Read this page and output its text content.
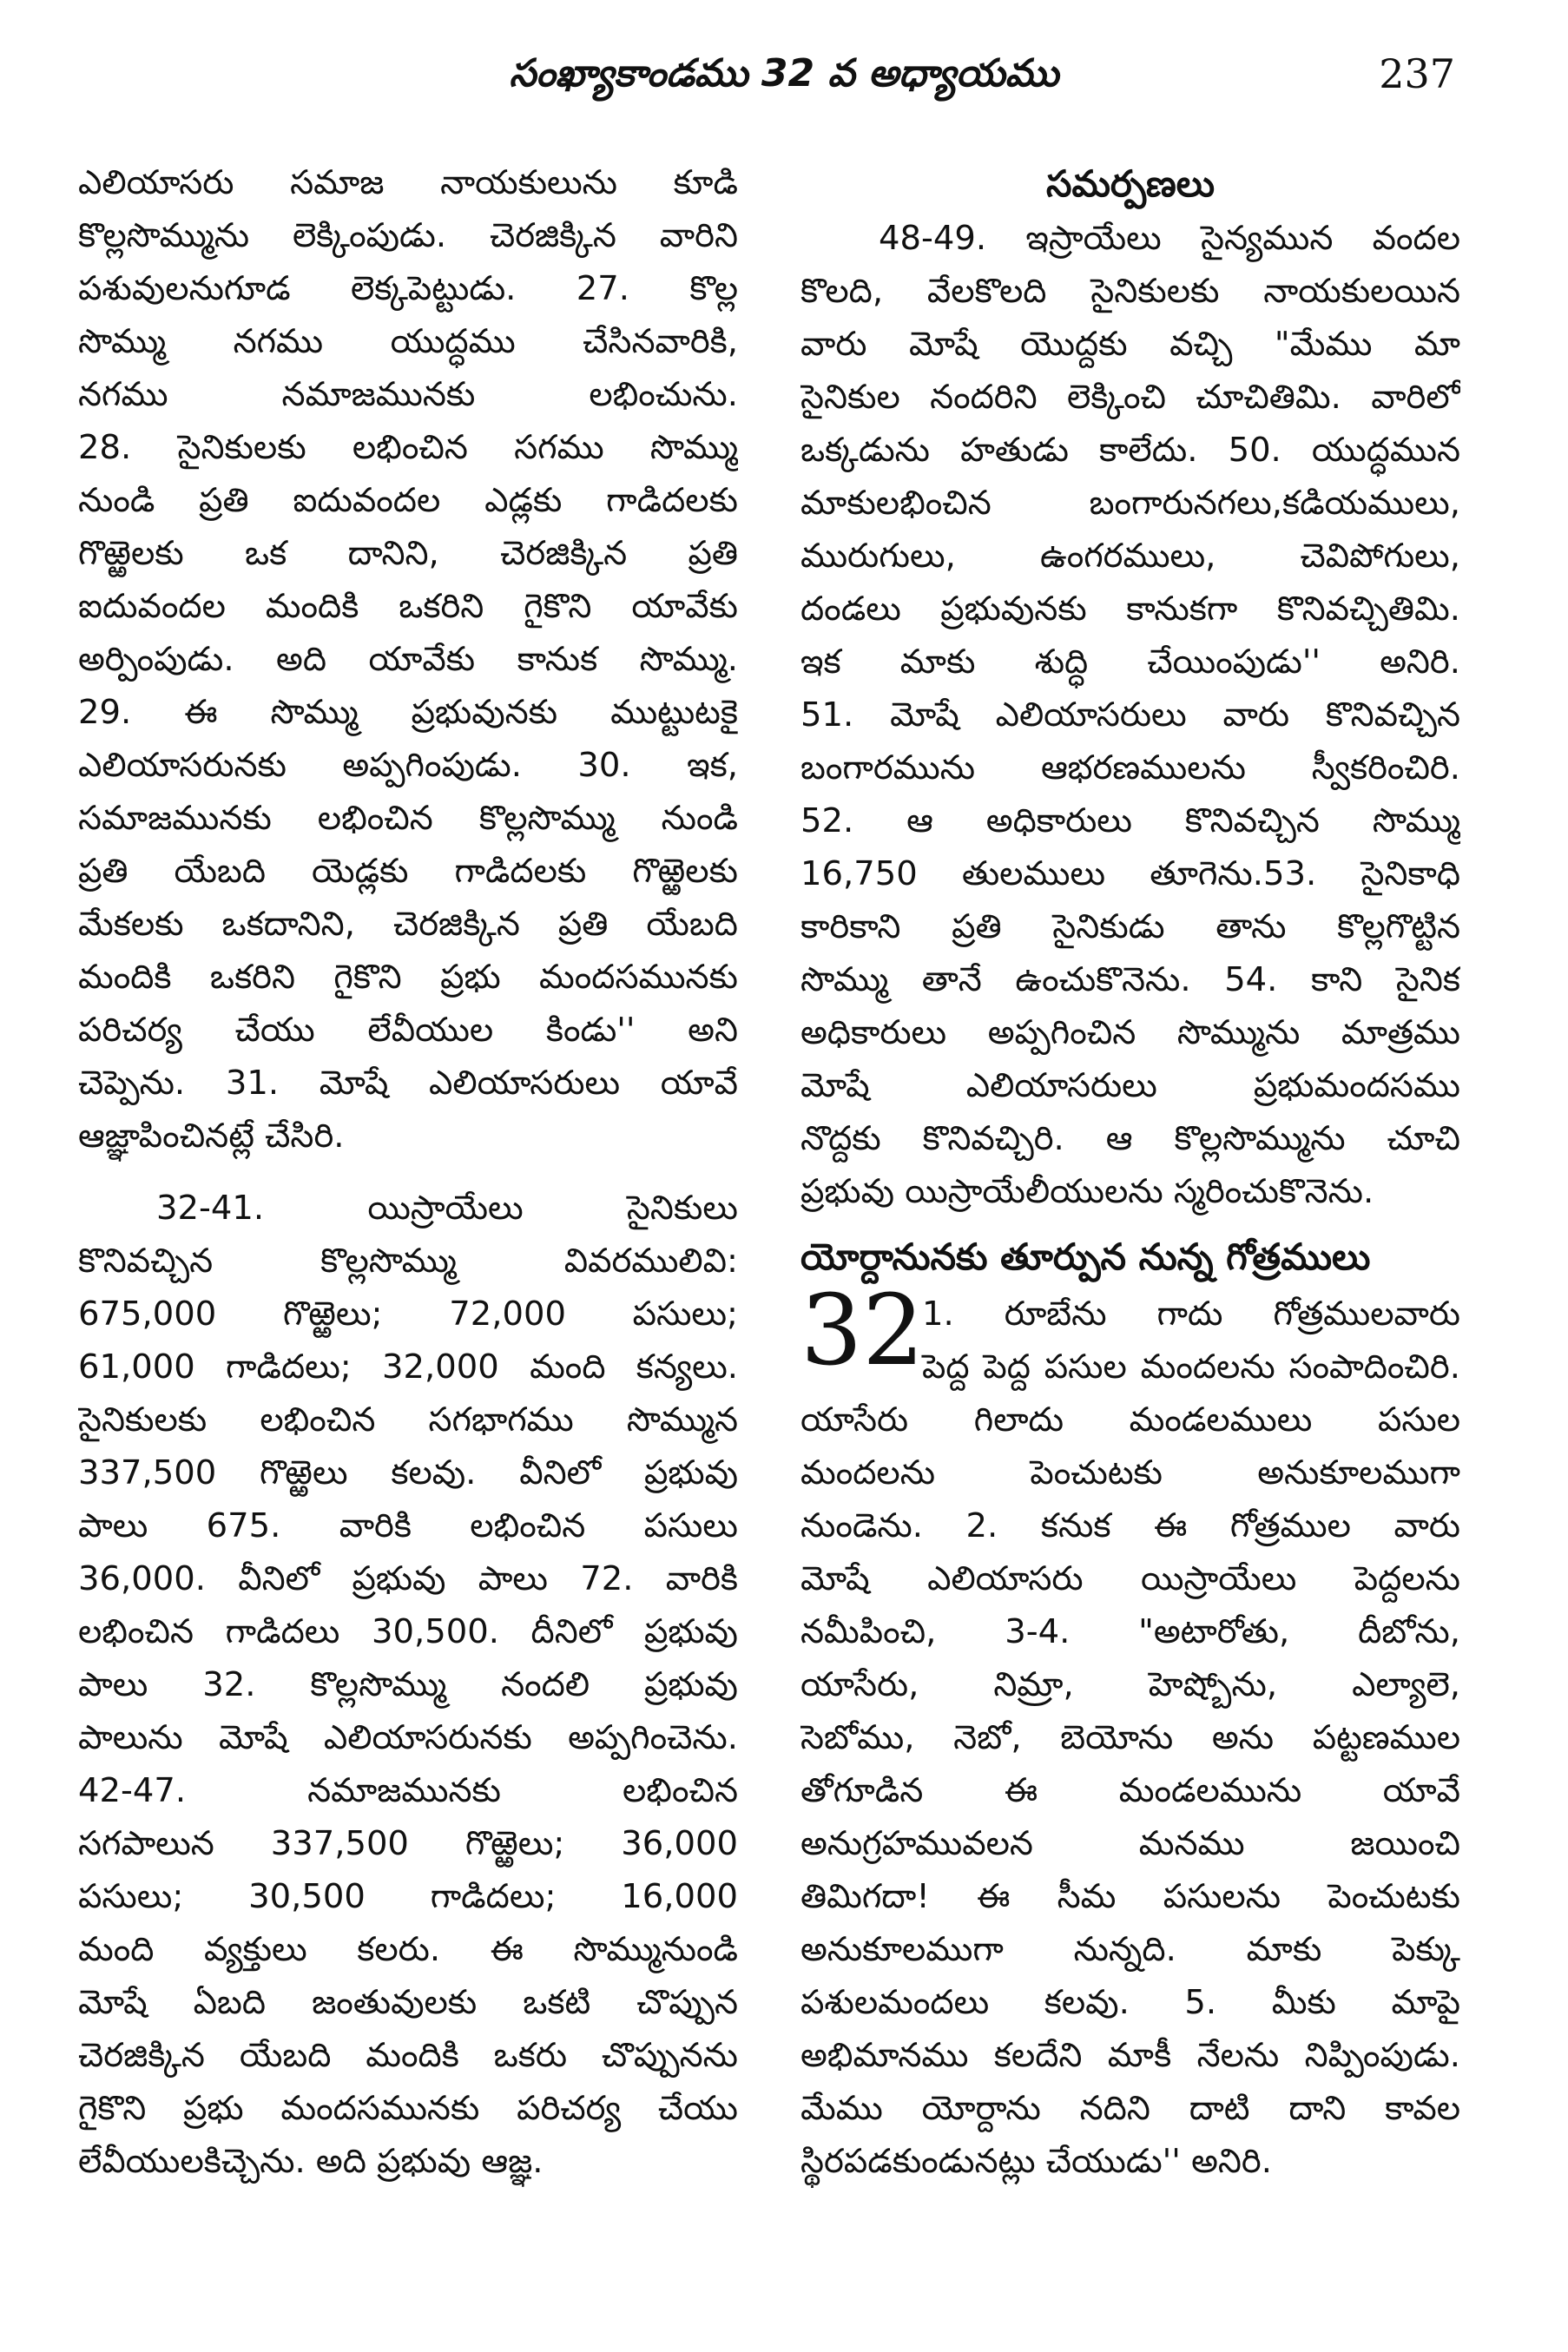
సంఖ్యాకాండము 32 వ అధ్యాయము	237
ఎలియాసరు సమాజ నాయకులును కూడి
కొల్లసొమ్మును లెక్కింపుడు. చెరజిక్కిన వారిని
పశువులనుగూడ లెక్కపెట్టుడు. 27. కొల్ల
సొమ్ము నగము యుద్ధము చేసినవారికి,
నగము నమాజమునకు లభించును.
28. సైనికులకు లభించిన సగము సొమ్ము
నుండి ప్రతి ఐదువందల ఎడ్లకు గాడిదలకు
గొఱ్ఱెలకు ఒక దానిని, చెరజిక్కిన ప్రతి
ఐదువందల మందికి ఒకరిని గైకొని యావేకు
అర్పింపుడు. అది యావేకు కానుక సొమ్ము.
29. ఈ సొమ్ము ప్రభువునకు ముట్టుటకై
ఎలియాసరునకు అప్పగింపుడు. 30. ఇక,
సమాజమునకు లభించిన కొల్లసొమ్ము నుండి
ప్రతి యేబది యెడ్లకు గాడిదలకు గొఱ్ఱెలకు
మేకలకు ఒకదానిని, చెరజిక్కిన ప్రతి యేబది
మందికి ఒకరిని గైకొని ప్రభు మందసమునకు
పరిచర్య చేయు లేవీయుల కిండు'' అని
చెప్పెను. 31. మోషే ఎలియాసరులు యావే
ఆజ్ఞాపించినట్లే చేసిరి.
32-41. యిస్రాయేలు సైనికులు
కొనివచ్చిన కొల్లసొమ్ము వివరములివి:
675,000 గొఱ్ఱెలు; 72,000 పసులు;
61,000 గాడిదలు; 32,000 మంది కన్యలు.
సైనికులకు లభించిన సగభాగము సొమ్మున
337,500 గొఱ్ఱెలు కలవు. వీనిలో ప్రభువు
పాలు 675. వారికి లభించిన పసులు
36,000. వీనిలో ప్రభువు పాలు 72. వారికి
లభించిన గాడిదలు 30,500. దీనిలో ప్రభువు
పాలు 32. కొల్లసొమ్ము నందలి ప్రభువు
పాలును మోషే ఎలియాసరునకు అప్పగించెను.
42-47. నమాజమునకు లభించిన
సగపాలున 337,500 గొఱ్ఱెలు; 36,000
పసులు; 30,500 గాడిదలు; 16,000
మంది వ్యక్తులు కలరు. ఈ సొమ్మునుండి
మోషే ఏబది జంతువులకు ఒకటి చొప్పున
చెరజిక్కిన యేబది మందికి ఒకరు చొప్పునను
గైకొని ప్రభు మందసమునకు పరిచర్య చేయు
లేవీయులకిచ్చెను. అది ప్రభువు ఆజ్ఞ.
సమర్పణలు
48-49. ఇస్రాయేలు సైన్యమున వందల
కొలది, వేలకొలది సైనికులకు నాయకులయిన
వారు మోషే యొద్దకు వచ్చి "మేము మా
సైనికుల నందరిని లెక్కించి చూచితిమి. వారిలో
ఒక్కడును హతుడు కాలేదు. 50. యుద్ధమున
మాకులభించిన బంగారునగలు,కడియములు,
మురుగులు, ఉంగరములు, చెవిపోగులు,
దండలు ప్రభువునకు కానుకగా కొనివచ్చితిమి.
ఇక మాకు శుద్ధి చేయింపుడు'' అనిరి.
51. మోషే ఎలియాసరులు వారు కొనివచ్చిన
బంగారమును ఆభరణములను స్వీకరించిరి.
52. ఆ అధికారులు కొనివచ్చిన సొమ్ము
16,750 తులములు తూగెను.53. సైనికాధి
కారికాని ప్రతి సైనికుడు తాను కొల్లగొట్టిన
సొమ్ము తానే ఉంచుకొనెను. 54. కాని సైనిక
అధికారులు అప్పగించిన సొమ్మును మాత్రము
మోషే ఎలియాసరులు ప్రభుమందసము
నొద్దకు కొనివచ్చిరి. ఆ కొల్లసొమ్మును చూచి
ప్రభువు యిస్రాయేలీయులను స్మరించుకొనెను.
యోర్దానునకు తూర్పున నున్న గోత్రములు
32
1. రూబేను గాదు గోత్రములవారు
పెద్ద పెద్ద పసుల మందలను సంపాదించిరి.
యాసేరు గిలాదు మండలములు పసుల
మందలను పెంచుటకు అనుకూలముగా
నుండెను. 2. కనుక ఈ గోత్రముల వారు
మోషే ఎలియాసరు యిస్రాయేలు పెద్దలను
నమీపించి, 3-4. "అటారోతు, దీబోను,
యాసేరు, నిమ్రా, హెష్బోను, ఎల్యాలె,
సెబోము, నెబో, బెయోను అను పట్టణముల
తోగూడిన ఈ మండలమును యావే
అనుగ్రహమువలన మనము జయించి
తిమిగదా! ఈ సీమ పసులను పెంచుటకు
అనుకూలముగా నున్నది. మాకు పెక్కు
పశులమందలు కలవు. 5. మీకు మాపై
అభిమానము కలదేని మాకీ నేలను నిప్పింపుడు.
మేము యోర్దాను నదిని దాటి దాని కావల
స్థిరపడకుండునట్లు చేయుడు'' అనిరి.
